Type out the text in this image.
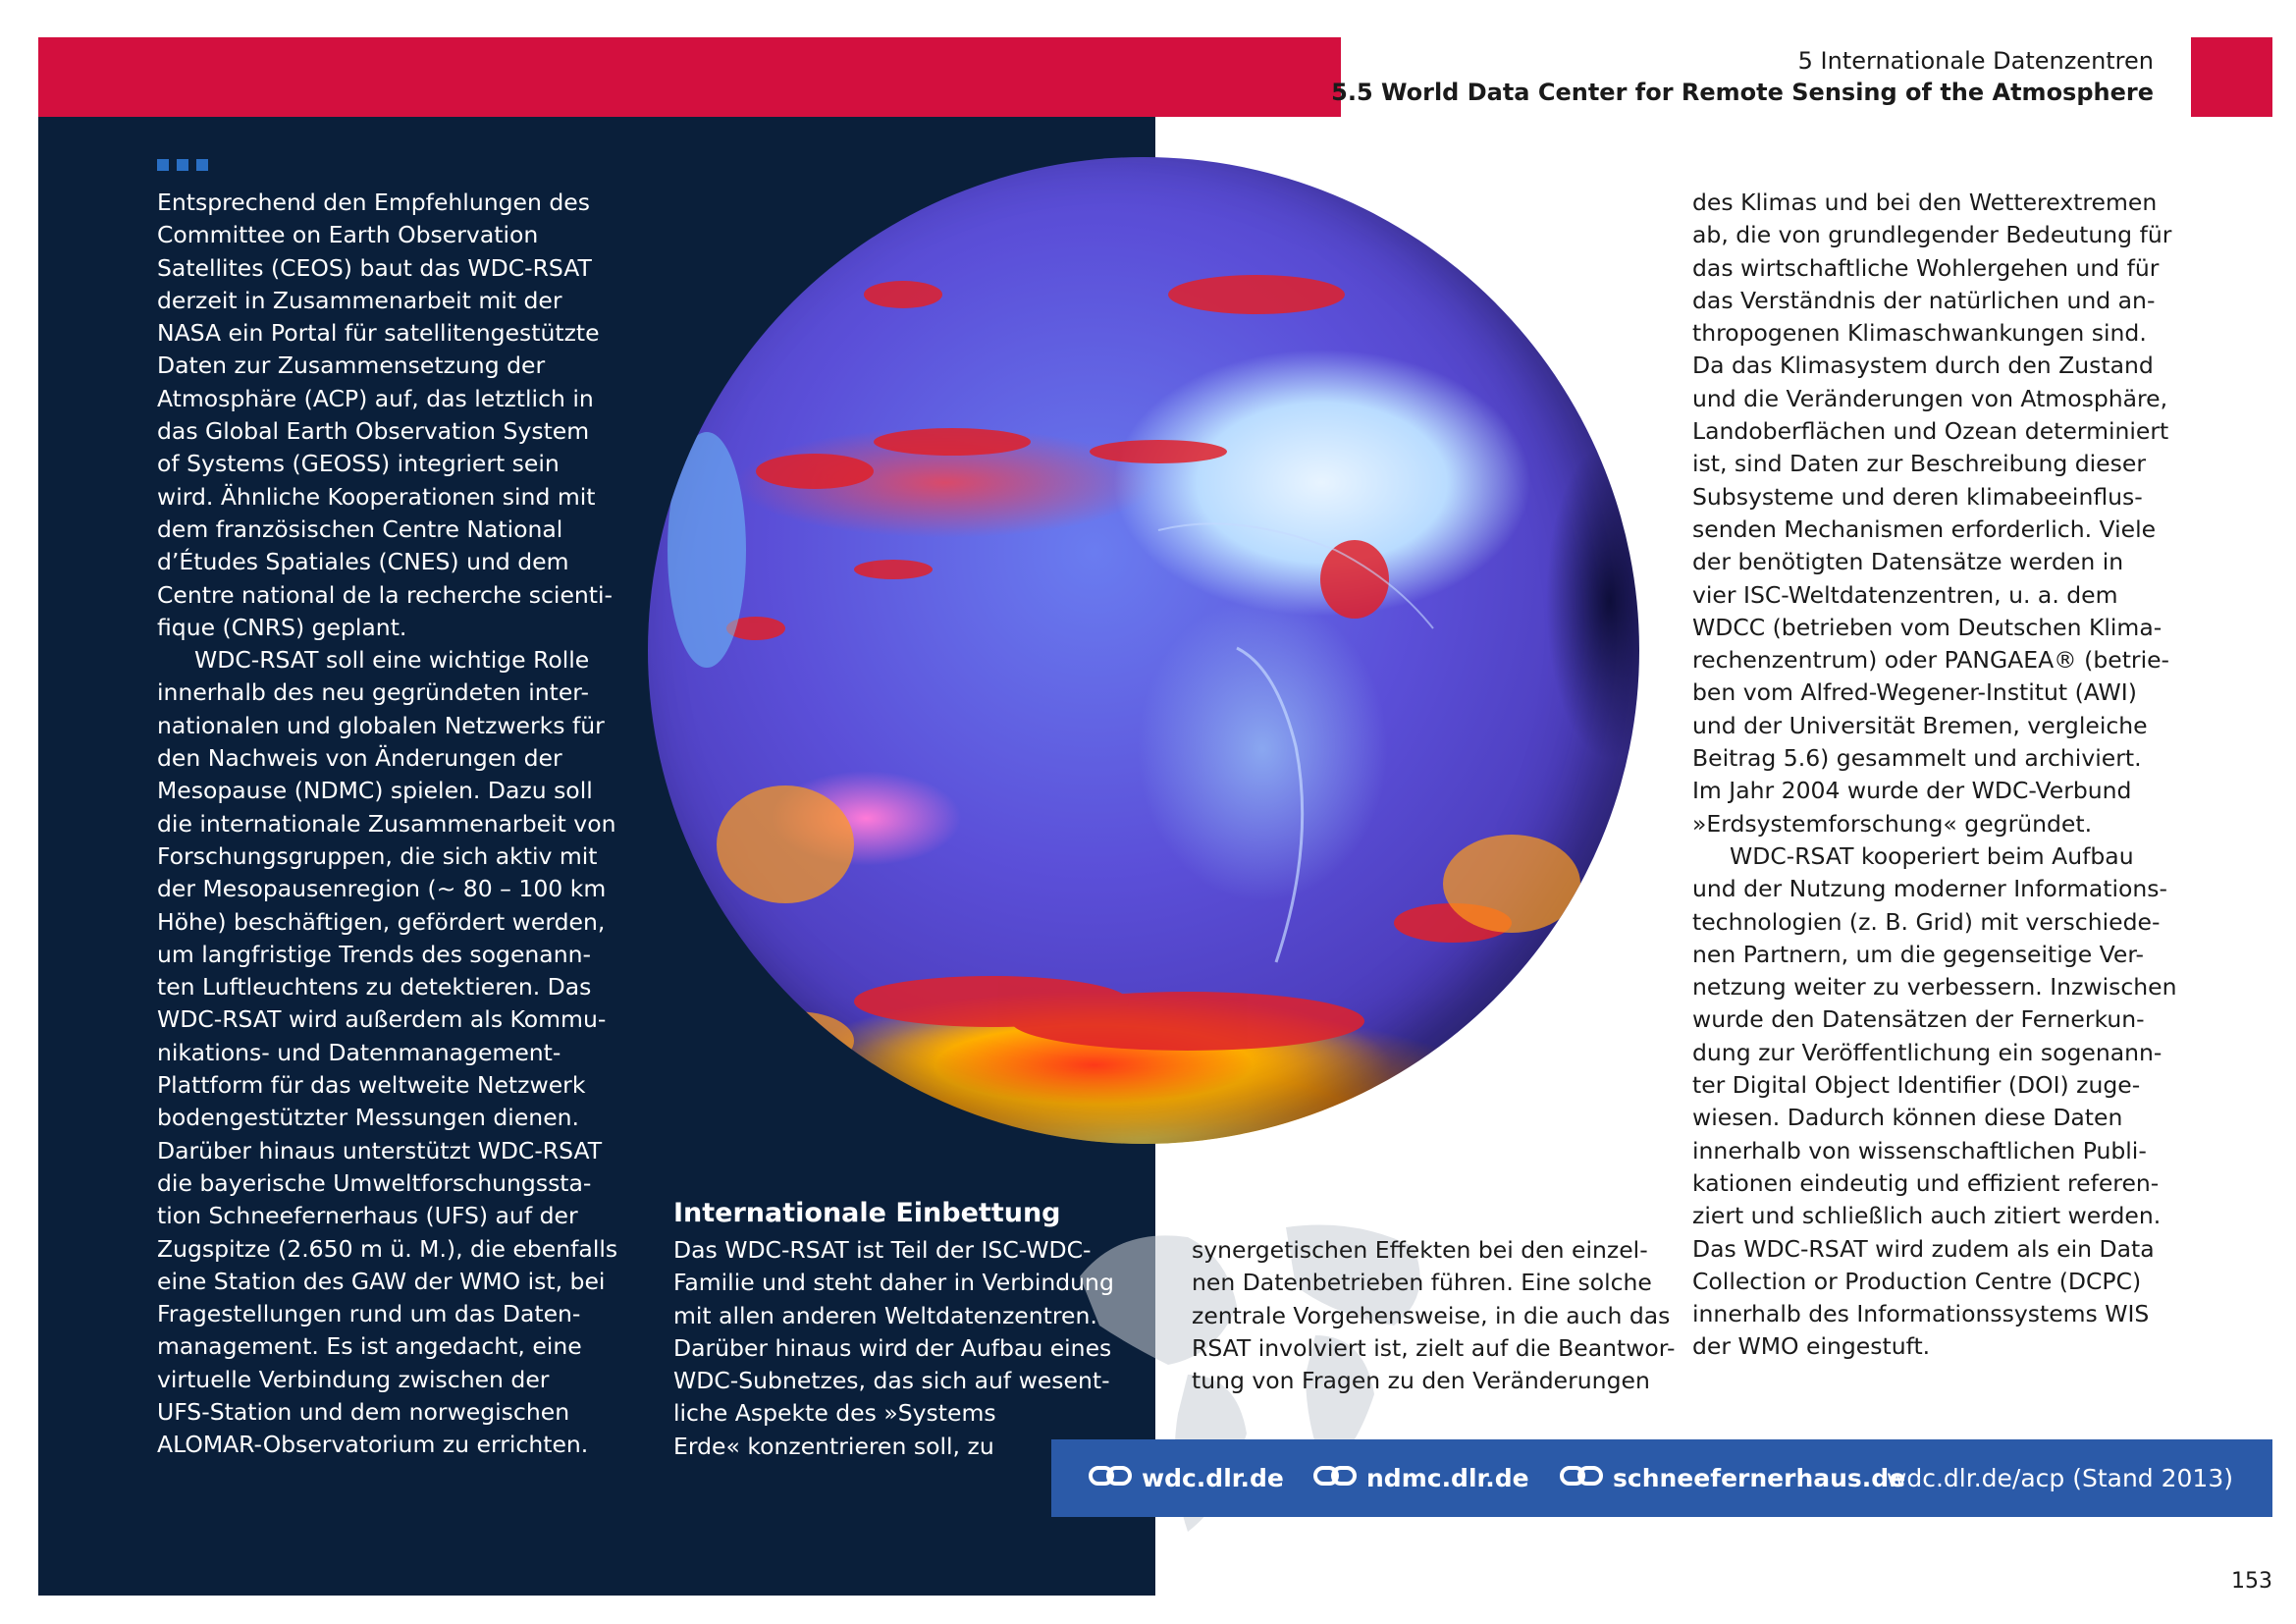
5 Internationale Datenzentren
5.5 World Data Center for Remote Sensing of the Atmosphere

Entsprechend den Empfehlungen des
Committee on Earth Observation
Satellites (CEOS) baut das WDC-RSAT
derzeit in Zusammenarbeit mit der
NASA ein Portal für satellitengestützte
Daten zur Zusammensetzung der
Atmosphäre (ACP) auf, das letztlich in
das Global Earth Observation System
of Systems (GEOSS) integriert sein
wird. Ähnliche Kooperationen sind mit
dem französischen Centre National
d’Études Spatiales (CNES) und dem
Centre national de la recherche scienti-
fique (CNRS) geplant.

WDC-RSAT soll eine wichtige Rolle
innerhalb des neu gegründeten inter-
nationalen und globalen Netzwerks für
den Nachweis von Änderungen der
Mesopause (NDMC) spielen. Dazu soll
die internationale Zusammenarbeit von
Forschungsgruppen, die sich aktiv mit
der Mesopausenregion (~ 80 – 100 km
Höhe) beschäftigen, gefördert werden,
um langfristige Trends des sogenann-
ten Luftleuchtens zu detektieren. Das
WDC-RSAT wird außerdem als Kommu-
nikations- und Datenmanagement-
Plattform für das weltweite Netzwerk
bodengestützter Messungen dienen.
Darüber hinaus unterstützt WDC-RSAT
die bayerische Umweltforschungssta-
tion Schneefernerhaus (UFS) auf der
Zugspitze (2.650 m ü. M.), die ebenfalls
eine Station des GAW der WMO ist, bei
Fragestellungen rund um das Daten-
management. Es ist angedacht, eine
virtuelle Verbindung zwischen der
UFS-Station und dem norwegischen
ALOMAR-Observatorium zu errichten.

Internationale Einbettung

Das WDC-RSAT ist Teil der ISC-WDC-
Familie und steht daher in Verbindung
mit allen anderen Weltdatenzentren.
Darüber hinaus wird der Aufbau eines
WDC-Subnetzes, das sich auf wesent-
liche Aspekte des »Systems
Erde« konzentrieren soll, zu

synergetischen Effekten bei den einzel-
nen Datenbetrieben führen. Eine solche
zentrale Vorgehensweise, in die auch das
RSAT involviert ist, zielt auf die Beantwor-
tung von Fragen zu den Veränderungen

des Klimas und bei den Wetterextremen
ab, die von grundlegender Bedeutung für
das wirtschaftliche Wohlergehen und für
das Verständnis der natürlichen und an-
thropogenen Klimaschwankungen sind.
Da das Klimasystem durch den Zustand
und die Veränderungen von Atmosphäre,
Landoberflächen und Ozean determiniert
ist, sind Daten zur Beschreibung dieser
Subsysteme und deren klimabeeinflus-
senden Mechanismen erforderlich. Viele
der benötigten Datensätze werden in
vier ISC-Weltdatenzentren, u. a. dem
WDCC (betrieben vom Deutschen Klima-
rechenzentrum) oder PANGAEA® (betrie-
ben vom Alfred-Wegener-Institut (AWI)
und der Universität Bremen, vergleiche
Beitrag 5.6) gesammelt und archiviert.
Im Jahr 2004 wurde der WDC-Verbund
»Erdsystemforschung« gegründet.

WDC-RSAT kooperiert beim Aufbau
und der Nutzung moderner Informations-
technologien (z. B. Grid) mit verschiede-
nen Partnern, um die gegenseitige Ver-
netzung weiter zu verbessern. Inzwischen
wurde den Datensätzen der Fernerkun-
dung zur Veröffentlichung ein sogenann-
ter Digital Object Identifier (DOI) zuge-
wiesen. Dadurch können diese Daten
innerhalb von wissenschaftlichen Publi-
kationen eindeutig und effizient referen-
ziert und schließlich auch zitiert werden.
Das WDC-RSAT wird zudem als ein Data
Collection or Production Centre (DCPC)
innerhalb des Informationssystems WIS
der WMO eingestuft.

wdc.dlr.de	ndmc.dlr.de	schneefernerhaus.de
wdc.dlr.de/acp (Stand 2013)
153
